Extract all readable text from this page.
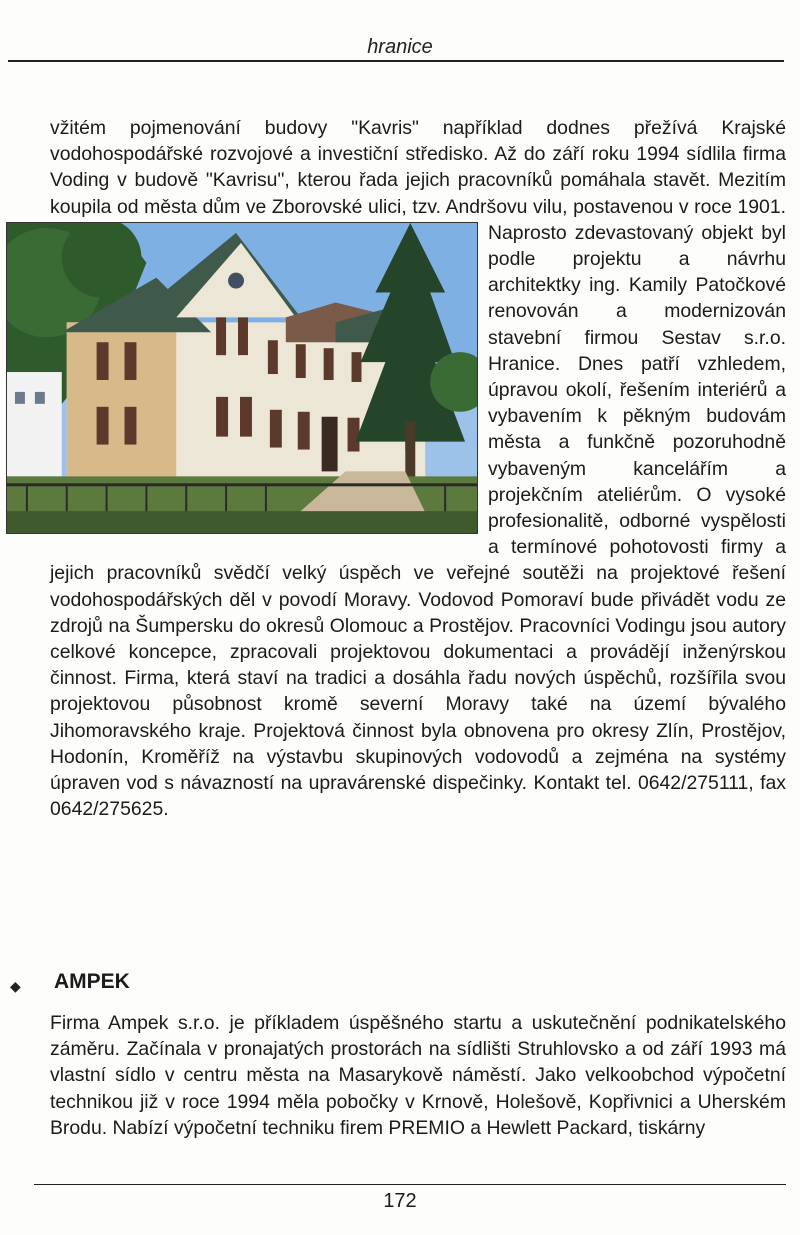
hranice

vžitém pojmenování budovy "Kavris" například dodnes přežívá Krajské vodohospodářské rozvojové a investiční středisko. Až do září roku 1994 sídlila firma Voding v budově "Kavrisu", kterou řada jejich pracovníků pomáhala stavět. Mezitím koupila od města dům ve Zborovské ulici, tzv. Andršovu vilu, postavenou v roce 1901.
Naprosto zdevastovaný objekt byl podle projektu a návrhu architektky ing. Kamily Patočkové renovován a modernizován stavební firmou Sestav s.r.o. Hranice. Dnes patří vzhledem, úpravou okolí, řešením interiérů a vybavením k pěkným budovám města a funkčně pozoruhodně vybaveným kancelářím a projekčním ateliérům. O vysoké profesionalitě, odborné vyspělosti a termínové pohotovosti firmy a jejich pracovníků svědčí velký úspěch ve veřejné soutěži na projektové řešení vodohospodářských děl v povodí Moravy. Vodovod Pomoraví bude přivádět vodu ze zdrojů na Šumpersku do okresů Olomouc a Prostějov. Pracovníci Vodingu jsou autory celkové koncepce, zpracovali projektovou dokumentaci a provádějí inženýrskou činnost. Firma, která staví na tradici a dosáhla řadu nových úspěchů, rozšířila svou projektovou působnost kromě severní Moravy také na území bývalého Jihomoravského kraje. Projektová činnost byla obnovena pro okresy Zlín, Prostějov, Hodonín, Kroměříž na výstavbu skupinových vodovodů a zejména na systémy úpraven vod s návazností na upravárenské dispečinky. Kontakt tel. 0642/275111, fax 0642/275625.

◆ AMPEK

Firma Ampek s.r.o. je příkladem úspěšného startu a uskutečnění podnikatelského záměru. Začínala v pronajatých prostorách na sídlišti Struhlovsko a od září 1993 má vlastní sídlo v centru města na Masarykově náměstí. Jako velkoobchod výpočetní technikou již v roce 1994 měla pobočky v Krnově, Holešově, Kopřivnici a Uherském Brodu. Nabízí výpočetní techniku firem PREMIO a Hewlett Packard, tiskárny

172
